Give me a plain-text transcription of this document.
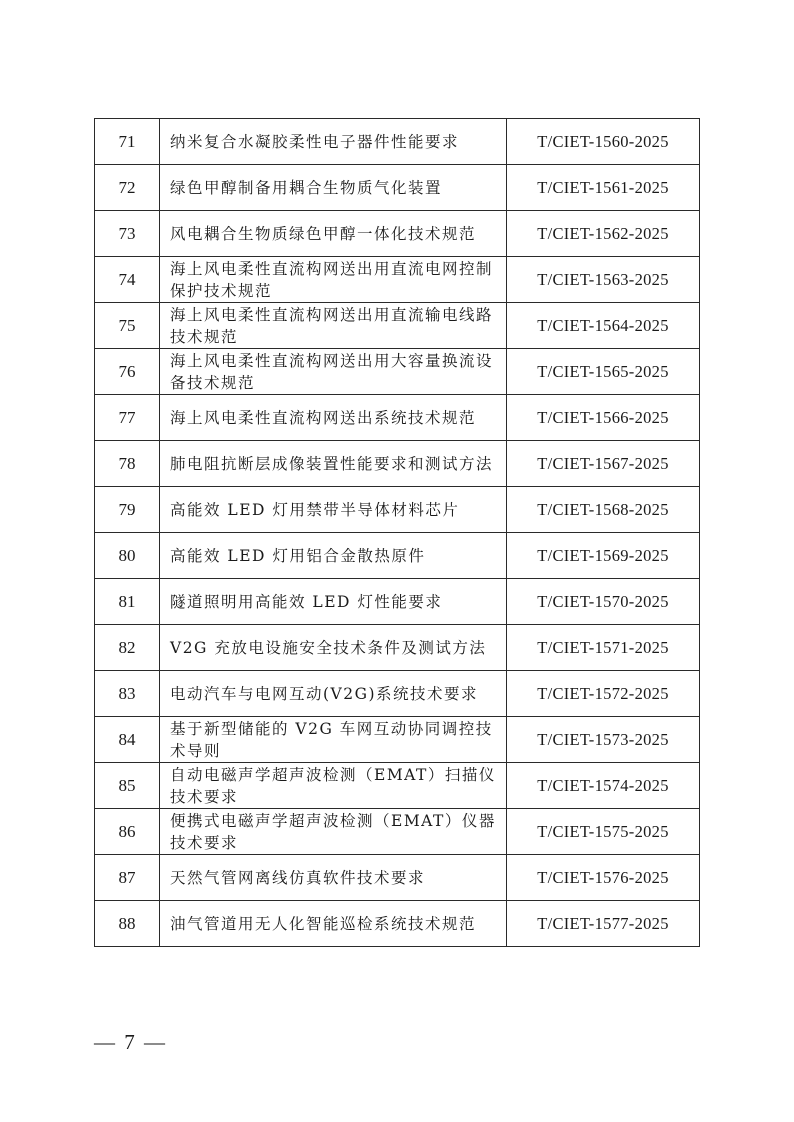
71	纳米复合水凝胶柔性电子器件性能要求	T/CIET-1560-2025
72	绿色甲醇制备用耦合生物质气化装置	T/CIET-1561-2025
73	风电耦合生物质绿色甲醇一体化技术规范	T/CIET-1562-2025
74	海上风电柔性直流构网送出用直流电网控制保护技术规范	T/CIET-1563-2025
75	海上风电柔性直流构网送出用直流输电线路技术规范	T/CIET-1564-2025
76	海上风电柔性直流构网送出用大容量换流设备技术规范	T/CIET-1565-2025
77	海上风电柔性直流构网送出系统技术规范	T/CIET-1566-2025
78	肺电阻抗断层成像装置性能要求和测试方法	T/CIET-1567-2025
79	高能效 LED 灯用禁带半导体材料芯片	T/CIET-1568-2025
80	高能效 LED 灯用铝合金散热原件	T/CIET-1569-2025
81	隧道照明用高能效 LED 灯性能要求	T/CIET-1570-2025
82	V2G 充放电设施安全技术条件及测试方法	T/CIET-1571-2025
83	电动汽车与电网互动(V2G)系统技术要求	T/CIET-1572-2025
84	基于新型储能的 V2G 车网互动协同调控技术导则	T/CIET-1573-2025
85	自动电磁声学超声波检测（EMAT）扫描仪技术要求	T/CIET-1574-2025
86	便携式电磁声学超声波检测（EMAT）仪器技术要求	T/CIET-1575-2025
87	天然气管网离线仿真软件技术要求	T/CIET-1576-2025
88	油气管道用无人化智能巡检系统技术规范	T/CIET-1577-2025
— 7 —
